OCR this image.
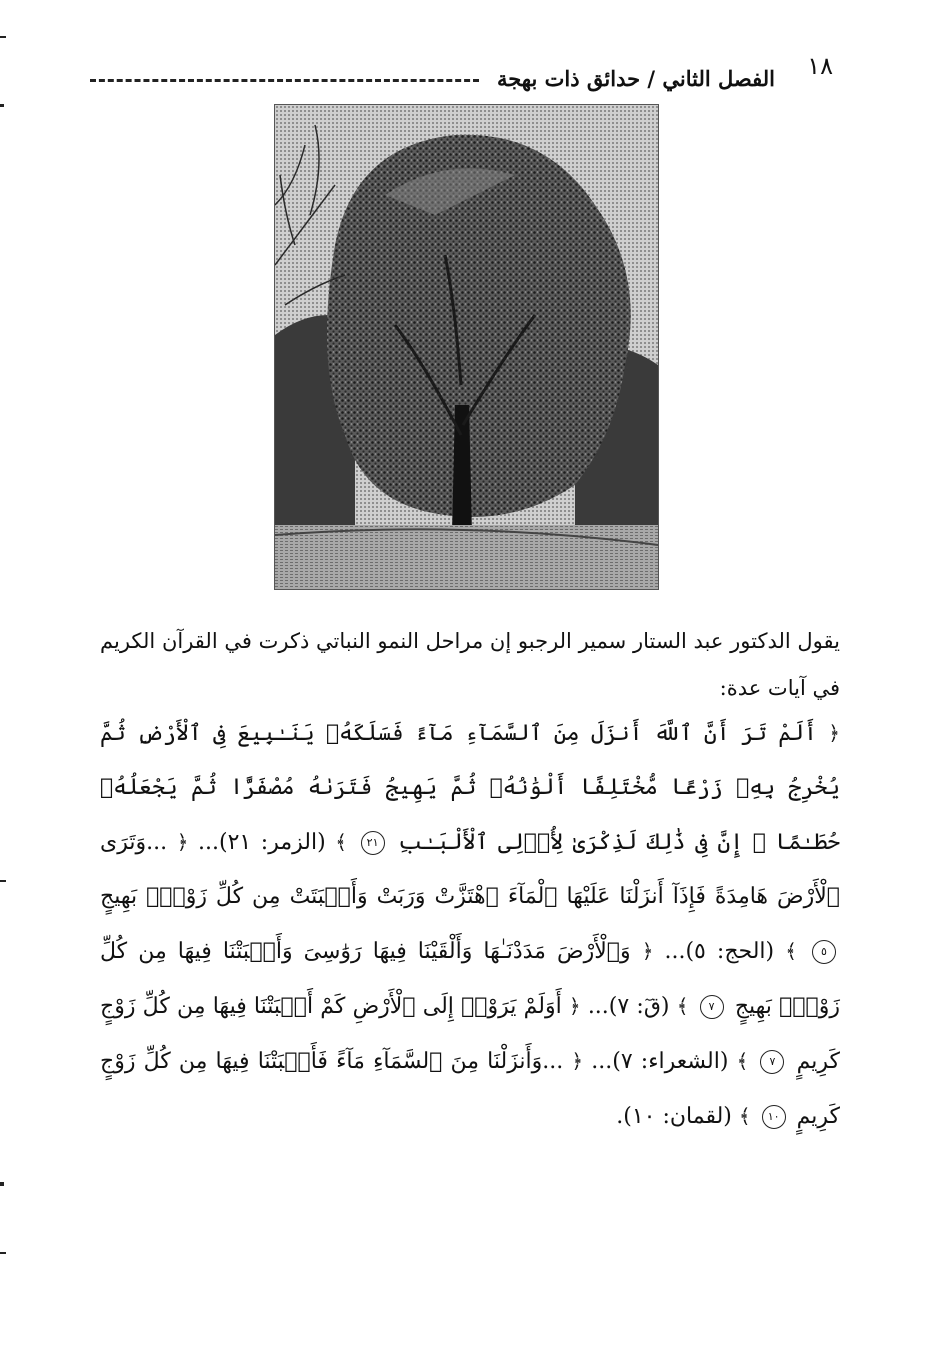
١٨
الفصل الثاني / حدائق ذات بهجة

يقول الدكتور عبد الستار سمير الرجبو إن مراحل النمو النباتي ذكرت في القرآن الكريم في آيات عدة:

﴿ أَلَمْ تَرَ أَنَّ ٱللَّهَ أَنزَلَ مِنَ ٱلسَّمَآءِ مَآءً فَسَلَكَهُۥ يَنَـٰبِيعَ فِى ٱلْأَرْضِ ثُمَّ يُخْرِجُ بِهِۦ زَرْعًا مُّخْتَلِفًا أَلْوَٰنُهُۥ ثُمَّ يَهِيجُ فَتَرَىٰهُ مُصْفَرًّا ثُمَّ يَجْعَلُهُۥ حُطَـٰمًا ۚ إِنَّ فِى ذَٰلِكَ لَذِكْرَىٰ لِأُو۟لِى ٱلْأَلْبَـٰبِ ٢١ ﴾ (الزمر: ٢١)... ﴿ ...وَتَرَى ٱلْأَرْضَ هَامِدَةً فَإِذَآ أَنزَلْنَا عَلَيْهَا ٱلْمَآءَ ٱهْتَزَّتْ وَرَبَتْ وَأَنۢبَتَتْ مِن كُلِّ زَوْجٍۭ بَهِيجٍ ٥ ﴾ (الحج: ٥)... ﴿ وَٱلْأَرْضَ مَدَدْنَـٰهَا وَأَلْقَيْنَا فِيهَا رَوَٰسِىَ وَأَنۢبَتْنَا فِيهَا مِن كُلِّ زَوْجٍۭ بَهِيجٍ ٧ ﴾ (قٓ: ٧)... ﴿ أَوَلَمْ يَرَوْا۟ إِلَى ٱلْأَرْضِ كَمْ أَنۢبَتْنَا فِيهَا مِن كُلِّ زَوْجٍ كَرِيمٍ ٧ ﴾ (الشعراء: ٧)... ﴿ ...وَأَنزَلْنَا مِنَ ٱلسَّمَآءِ مَآءً فَأَنۢبَتْنَا فِيهَا مِن كُلِّ زَوْجٍ كَرِيمٍ ١٠ ﴾ (لقمان: ١٠).
